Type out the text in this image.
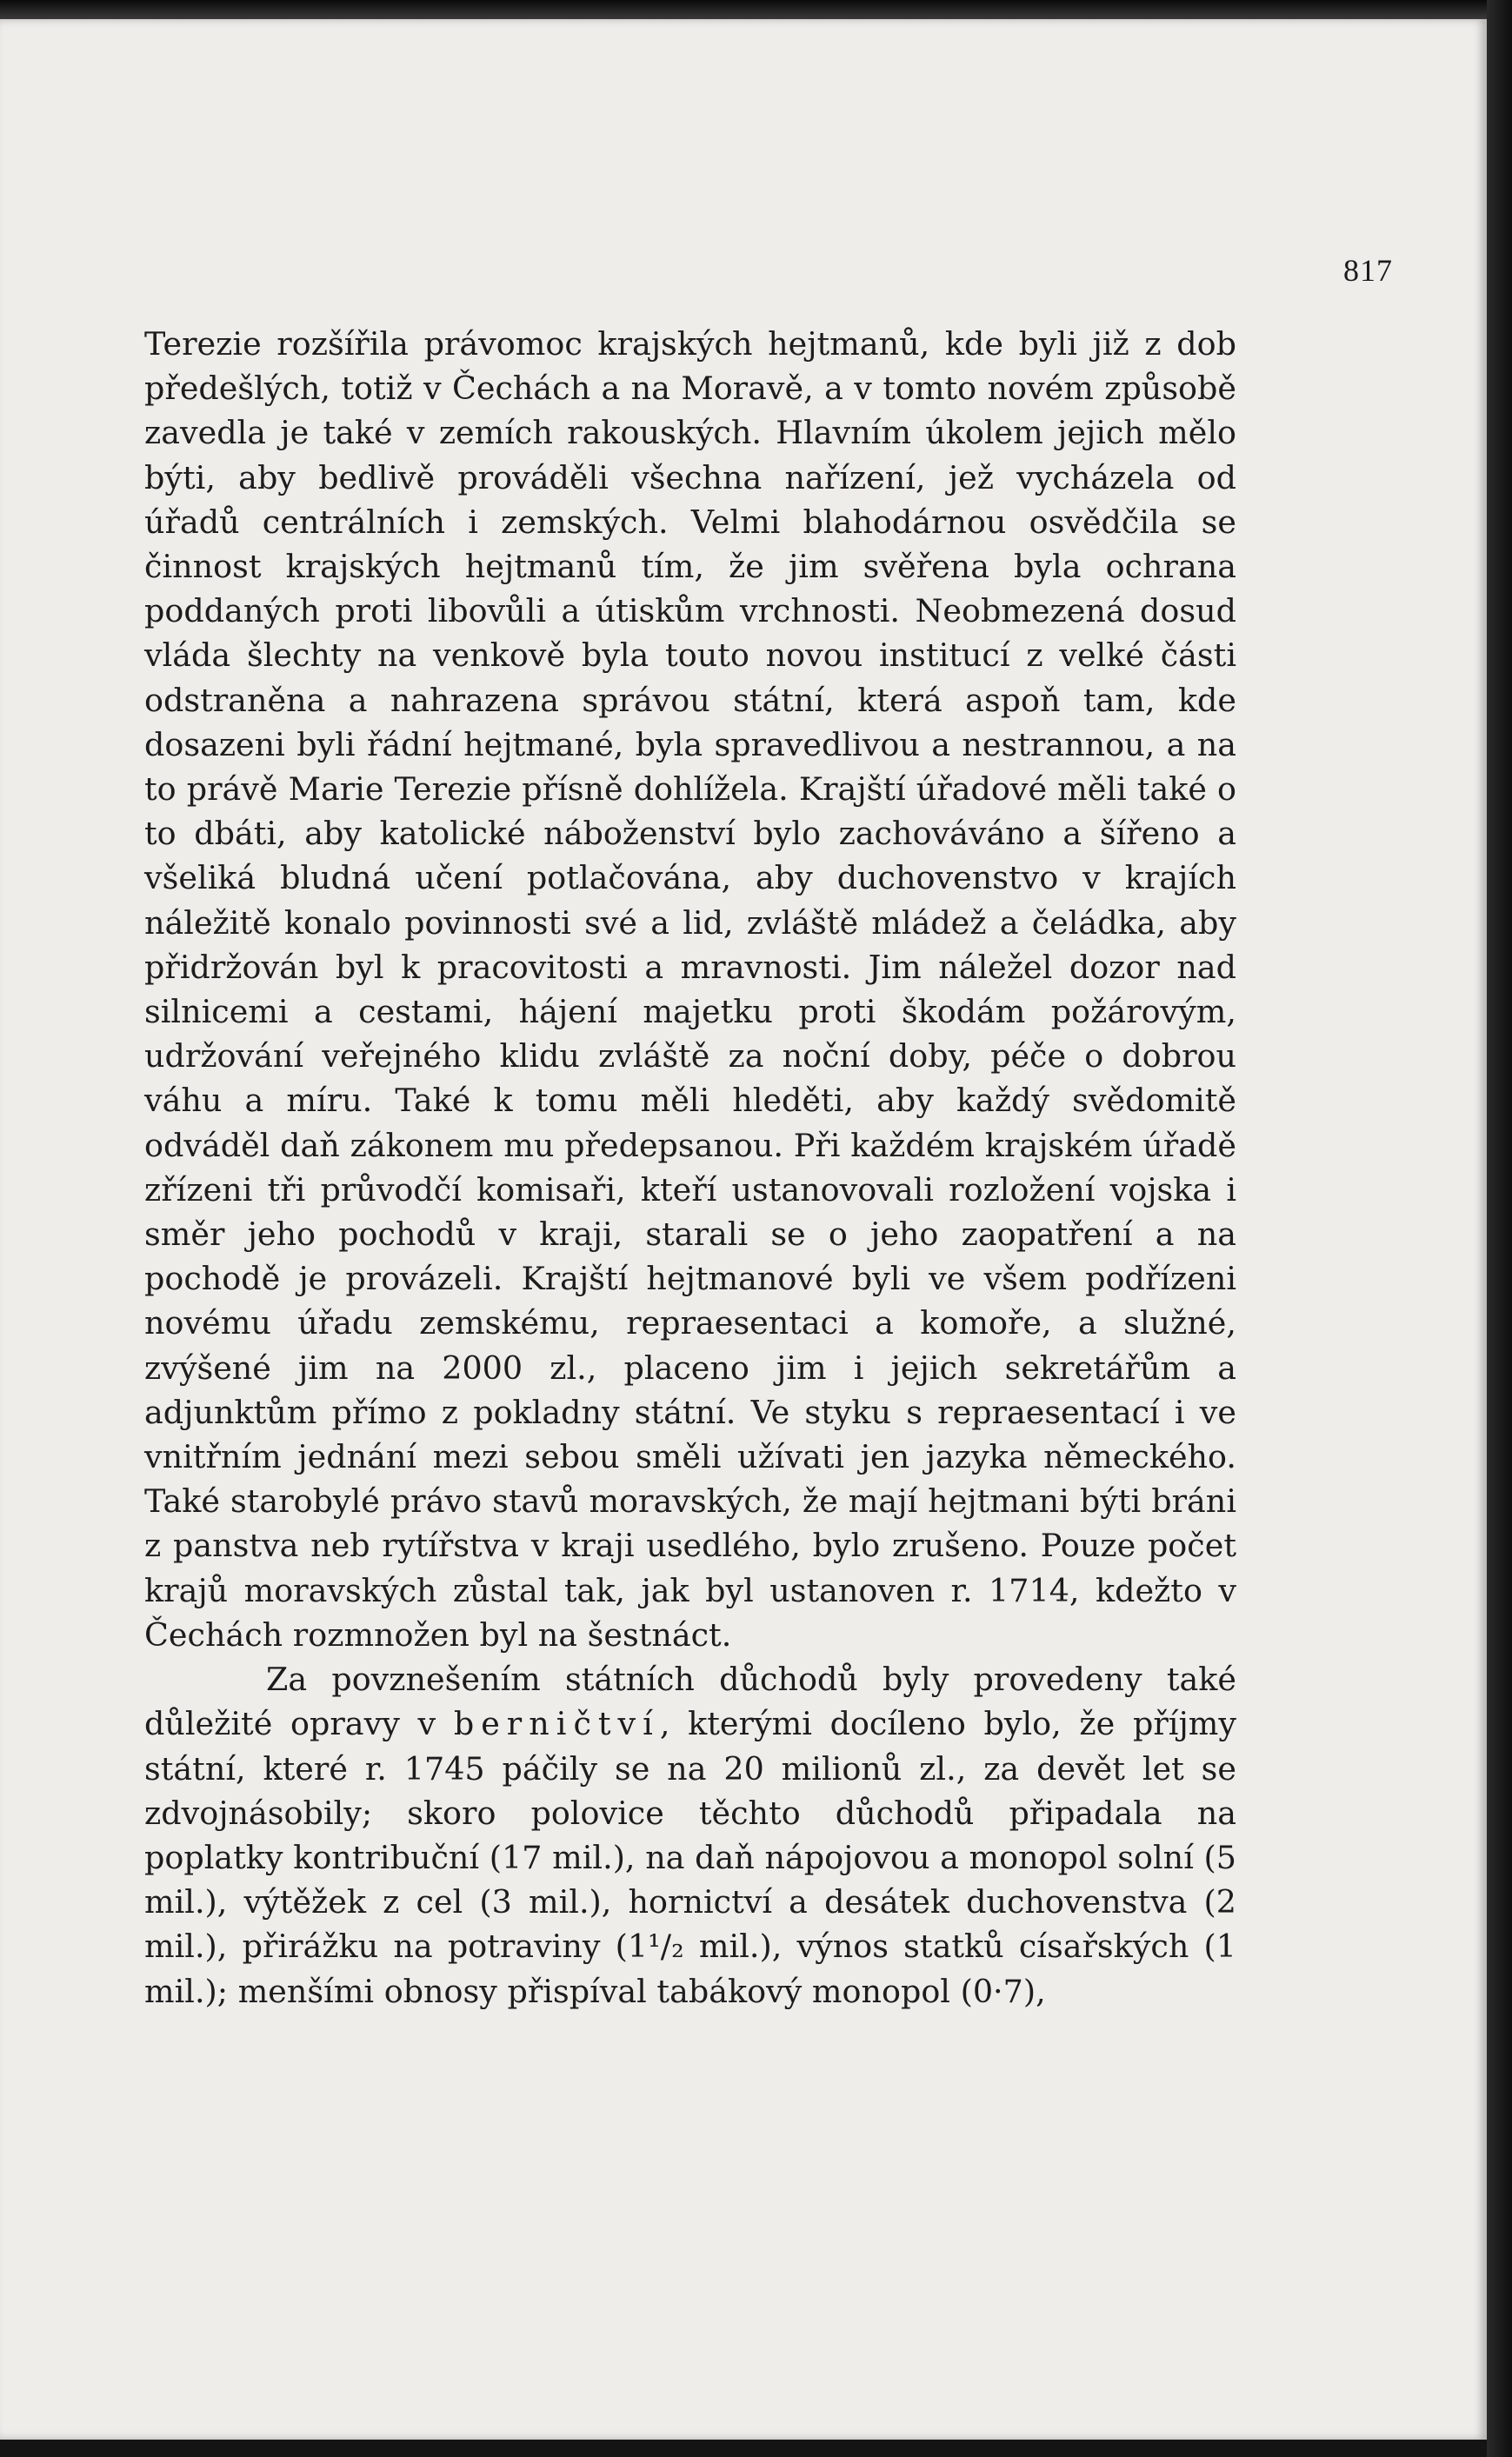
817

Terezie rozšířila právomoc krajských hejtmanů, kde byli již z dob předešlých, totiž v Čechách a na Moravě, a v tomto novém způsobě zavedla je také v zemích rakouských. Hlavním úkolem jejich mělo býti, aby bedlivě prováděli všechna nařízení, jež vycházela od úřadů centrálních i zemských. Velmi blahodárnou osvědčila se činnost krajských hejtmanů tím, že jim svěřena byla ochrana poddaných proti libovůli a útiskům vrchnosti. Neobmezená dosud vláda šlechty na venkově byla touto novou institucí z velké části odstraněna a nahrazena správou státní, která aspoň tam, kde dosazeni byli řádní hejtmané, byla spravedlivou a nestrannou, a na to právě Marie Terezie přísně dohlížela. Krajští úřadové měli také o to dbáti, aby katolické náboženství bylo zachováváno a šířeno a všeliká bludná učení potlačována, aby duchovenstvo v krajích náležitě konalo povinnosti své a lid, zvláště mládež a čeládka, aby přidržován byl k pracovitosti a mravnosti. Jim náležel dozor nad silnicemi a cestami, hájení majetku proti škodám požárovým, udržování veřejného klidu zvláště za noční doby, péče o dobrou váhu a míru. Také k tomu měli hleděti, aby každý svědomitě odváděl daň zákonem mu předepsanou. Při každém krajském úřadě zřízeni tři průvodčí komisaři, kteří ustanovovali rozložení vojska i směr jeho pochodů v kraji, starali se o jeho zaopatření a na pochodě je provázeli. Krajští hejtmanové byli ve všem podřízeni novému úřadu zemskému, repraesentaci a komoře, a služné, zvýšené jim na 2000 zl., placeno jim i jejich sekretářům a adjunktům přímo z pokladny státní. Ve styku s repraesentací i ve vnitřním jednání mezi sebou směli užívati jen jazyka německého. Také starobylé právo stavů moravských, že mají hejtmani býti bráni z panstva neb rytířstva v kraji usedlého, bylo zrušeno. Pouze počet krajů moravských zůstal tak, jak byl ustanoven r. 1714, kdežto v Čechách rozmnožen byl na šestnáct.

Za povznešením státních důchodů byly provedeny také důležité opravy v berničtví, kterými docíleno bylo, že příjmy státní, které r. 1745 páčily se na 20 milionů zl., za devět let se zdvojnásobily; skoro polovice těchto důchodů připadala na poplatky kontribuční (17 mil.), na daň nápojovou a monopol solní (5 mil.), výtěžek z cel (3 mil.), hornictví a desátek duchovenstva (2 mil.), přirážku na potraviny (1¹/₂ mil.), výnos statků císařských (1 mil.); menšími obnosy přispíval tabákový monopol (0·7),
